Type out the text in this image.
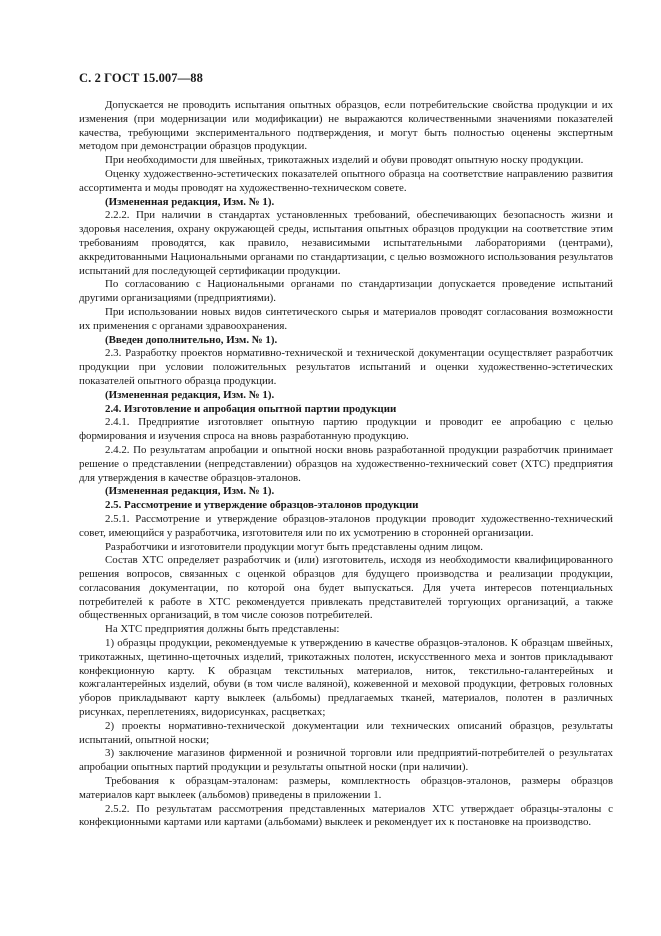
С. 2 ГОСТ 15.007—88

Допускается не проводить испытания опытных образцов, если потребительские свойства продукции и их изменения (при модернизации или модификации) не выражаются количественными значениями показателей качества, требующими экспериментального подтверждения, и могут быть полностью оценены экспертным методом при демонстрации образцов продукции.

При необходимости для швейных, трикотажных изделий и обуви проводят опытную носку продукции.

Оценку художественно-эстетических показателей опытного образца на соответствие направлению развития ассортимента и моды проводят на художественно-техническом совете.

(Измененная редакция, Изм. № 1).

2.2.2. При наличии в стандартах установленных требований, обеспечивающих безопасность жизни и здоровья населения, охрану окружающей среды, испытания опытных образцов продукции на соответствие этим требованиям проводятся, как правило, независимыми испытательными лабораториями (центрами), аккредитованными Национальными органами по стандартизации, с целью возможного использования результатов испытаний для последующей сертификации продукции.

По согласованию с Национальными органами по стандартизации допускается проведение испытаний другими организациями (предприятиями).

При использовании новых видов синтетического сырья и материалов проводят согласования возможности их применения с органами здравоохранения.

(Введен дополнительно, Изм. № 1).

2.3. Разработку проектов нормативно-технической и технической документации осуществляет разработчик продукции при условии положительных результатов испытаний и оценки художественно-эстетических показателей опытного образца продукции.

(Измененная редакция, Изм. № 1).

2.4. Изготовление и апробация опытной партии продукции

2.4.1. Предприятие изготовляет опытную партию продукции и проводит ее апробацию с целью формирования и изучения спроса на вновь разработанную продукцию.

2.4.2. По результатам апробации и опытной носки вновь разработанной продукции разработчик принимает решение о представлении (непредставлении) образцов на художественно-технический совет (ХТС) предприятия для утверждения в качестве образцов-эталонов.

(Измененная редакция, Изм. № 1).

2.5. Рассмотрение и утверждение образцов-эталонов продукции

2.5.1. Рассмотрение и утверждение образцов-эталонов продукции проводит художественно-технический совет, имеющийся у разработчика, изготовителя или по их усмотрению в сторонней организации.

Разработчики и изготовители продукции могут быть представлены одним лицом.

Состав ХТС определяет разработчик и (или) изготовитель, исходя из необходимости квалифицированного решения вопросов, связанных с оценкой образцов для будущего производства и реализации продукции, согласования документации, по которой она будет выпускаться. Для учета интересов потенциальных потребителей к работе в ХТС рекомендуется привлекать представителей торгующих организаций, а также общественных организаций, в том числе союзов потребителей.

На ХТС предприятия должны быть представлены:

1) образцы продукции, рекомендуемые к утверждению в качестве образцов-эталонов. К образцам швейных, трикотажных, щетинно-щеточных изделий, трикотажных полотен, искусственного меха и зонтов прикладывают конфекционную карту. К образцам текстильных материалов, ниток, текстильно-галантерейных и кожгалантерейных изделий, обуви (в том числе валяной), кожевенной и меховой продукции, фетровых головных уборов прикладывают карту выклеек (альбомы) предлагаемых тканей, материалов, полотен в различных рисунках, переплетениях, видорисунках, расцветках;

2) проекты нормативно-технической документации или технических описаний образцов, результаты испытаний, опытной носки;

3) заключение магазинов фирменной и розничной торговли или предприятий-потребителей о результатах апробации опытных партий продукции и результаты опытной носки (при наличии).

Требования к образцам-эталонам: размеры, комплектность образцов-эталонов, размеры образцов материалов карт выклеек (альбомов) приведены в приложении 1.

2.5.2. По результатам рассмотрения представленных материалов ХТС утверждает образцы-эталоны с конфекционными картами или картами (альбомами) выклеек и рекомендует их к постановке на производство.
